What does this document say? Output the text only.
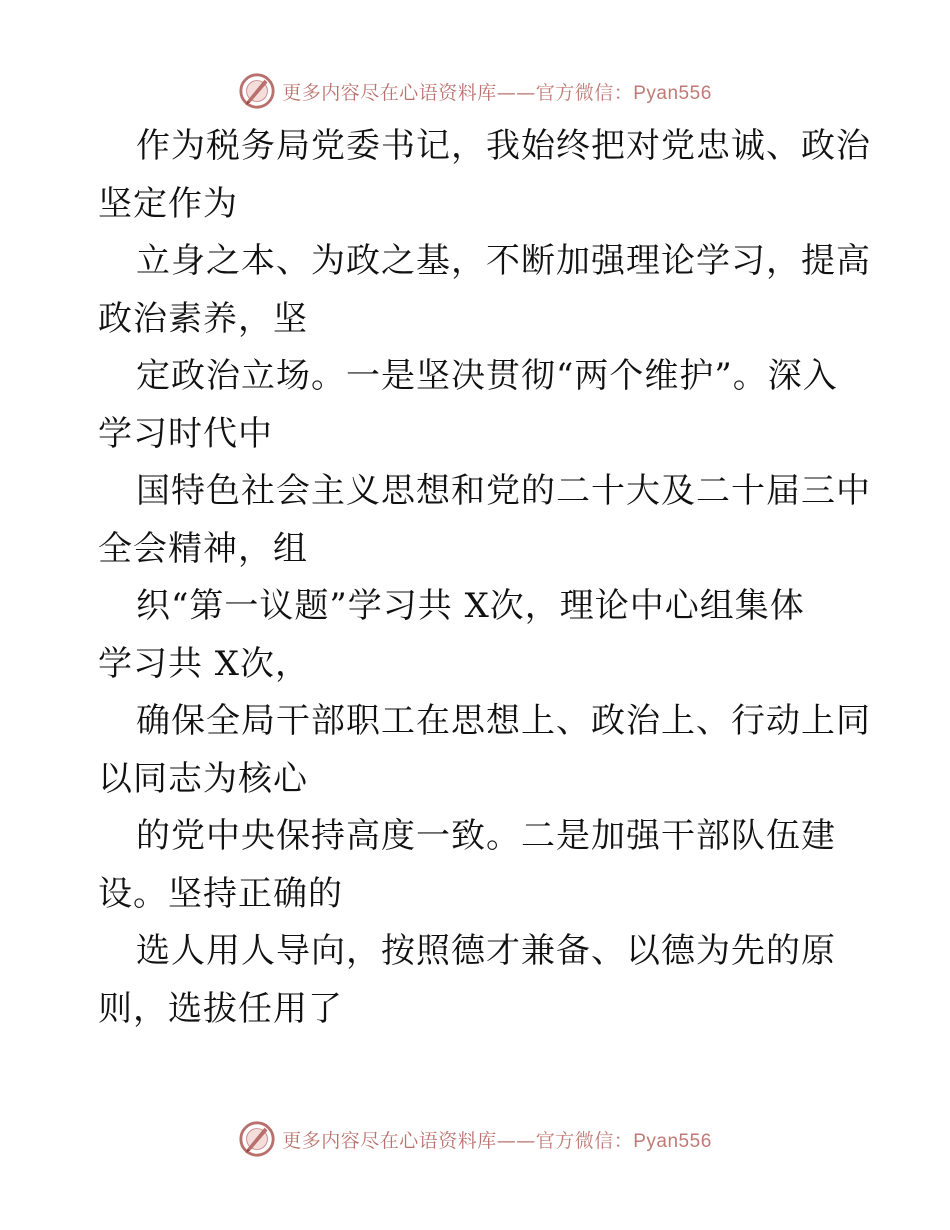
更多内容尽在心语资料库——官方微信：Pyan556

作为税务局党委书记，我始终把对党忠诚、政治

坚定作为

立身之本、为政之基，不断加强理论学习，提高

政治素养，坚

定政治立场。一是坚决贯彻“两个维护”。深入

学习时代中

国特色社会主义思想和党的二十大及二十届三中

全会精神，组

织“第一议题”学习共 X次，理论中心组集体

学习共 X次，

确保全局干部职工在思想上、政治上、行动上同

以同志为核心

的党中央保持高度一致。二是加强干部队伍建

设。坚持正确的

选人用人导向，按照德才兼备、以德为先的原

则，选拔任用了

更多内容尽在心语资料库——官方微信：Pyan556
